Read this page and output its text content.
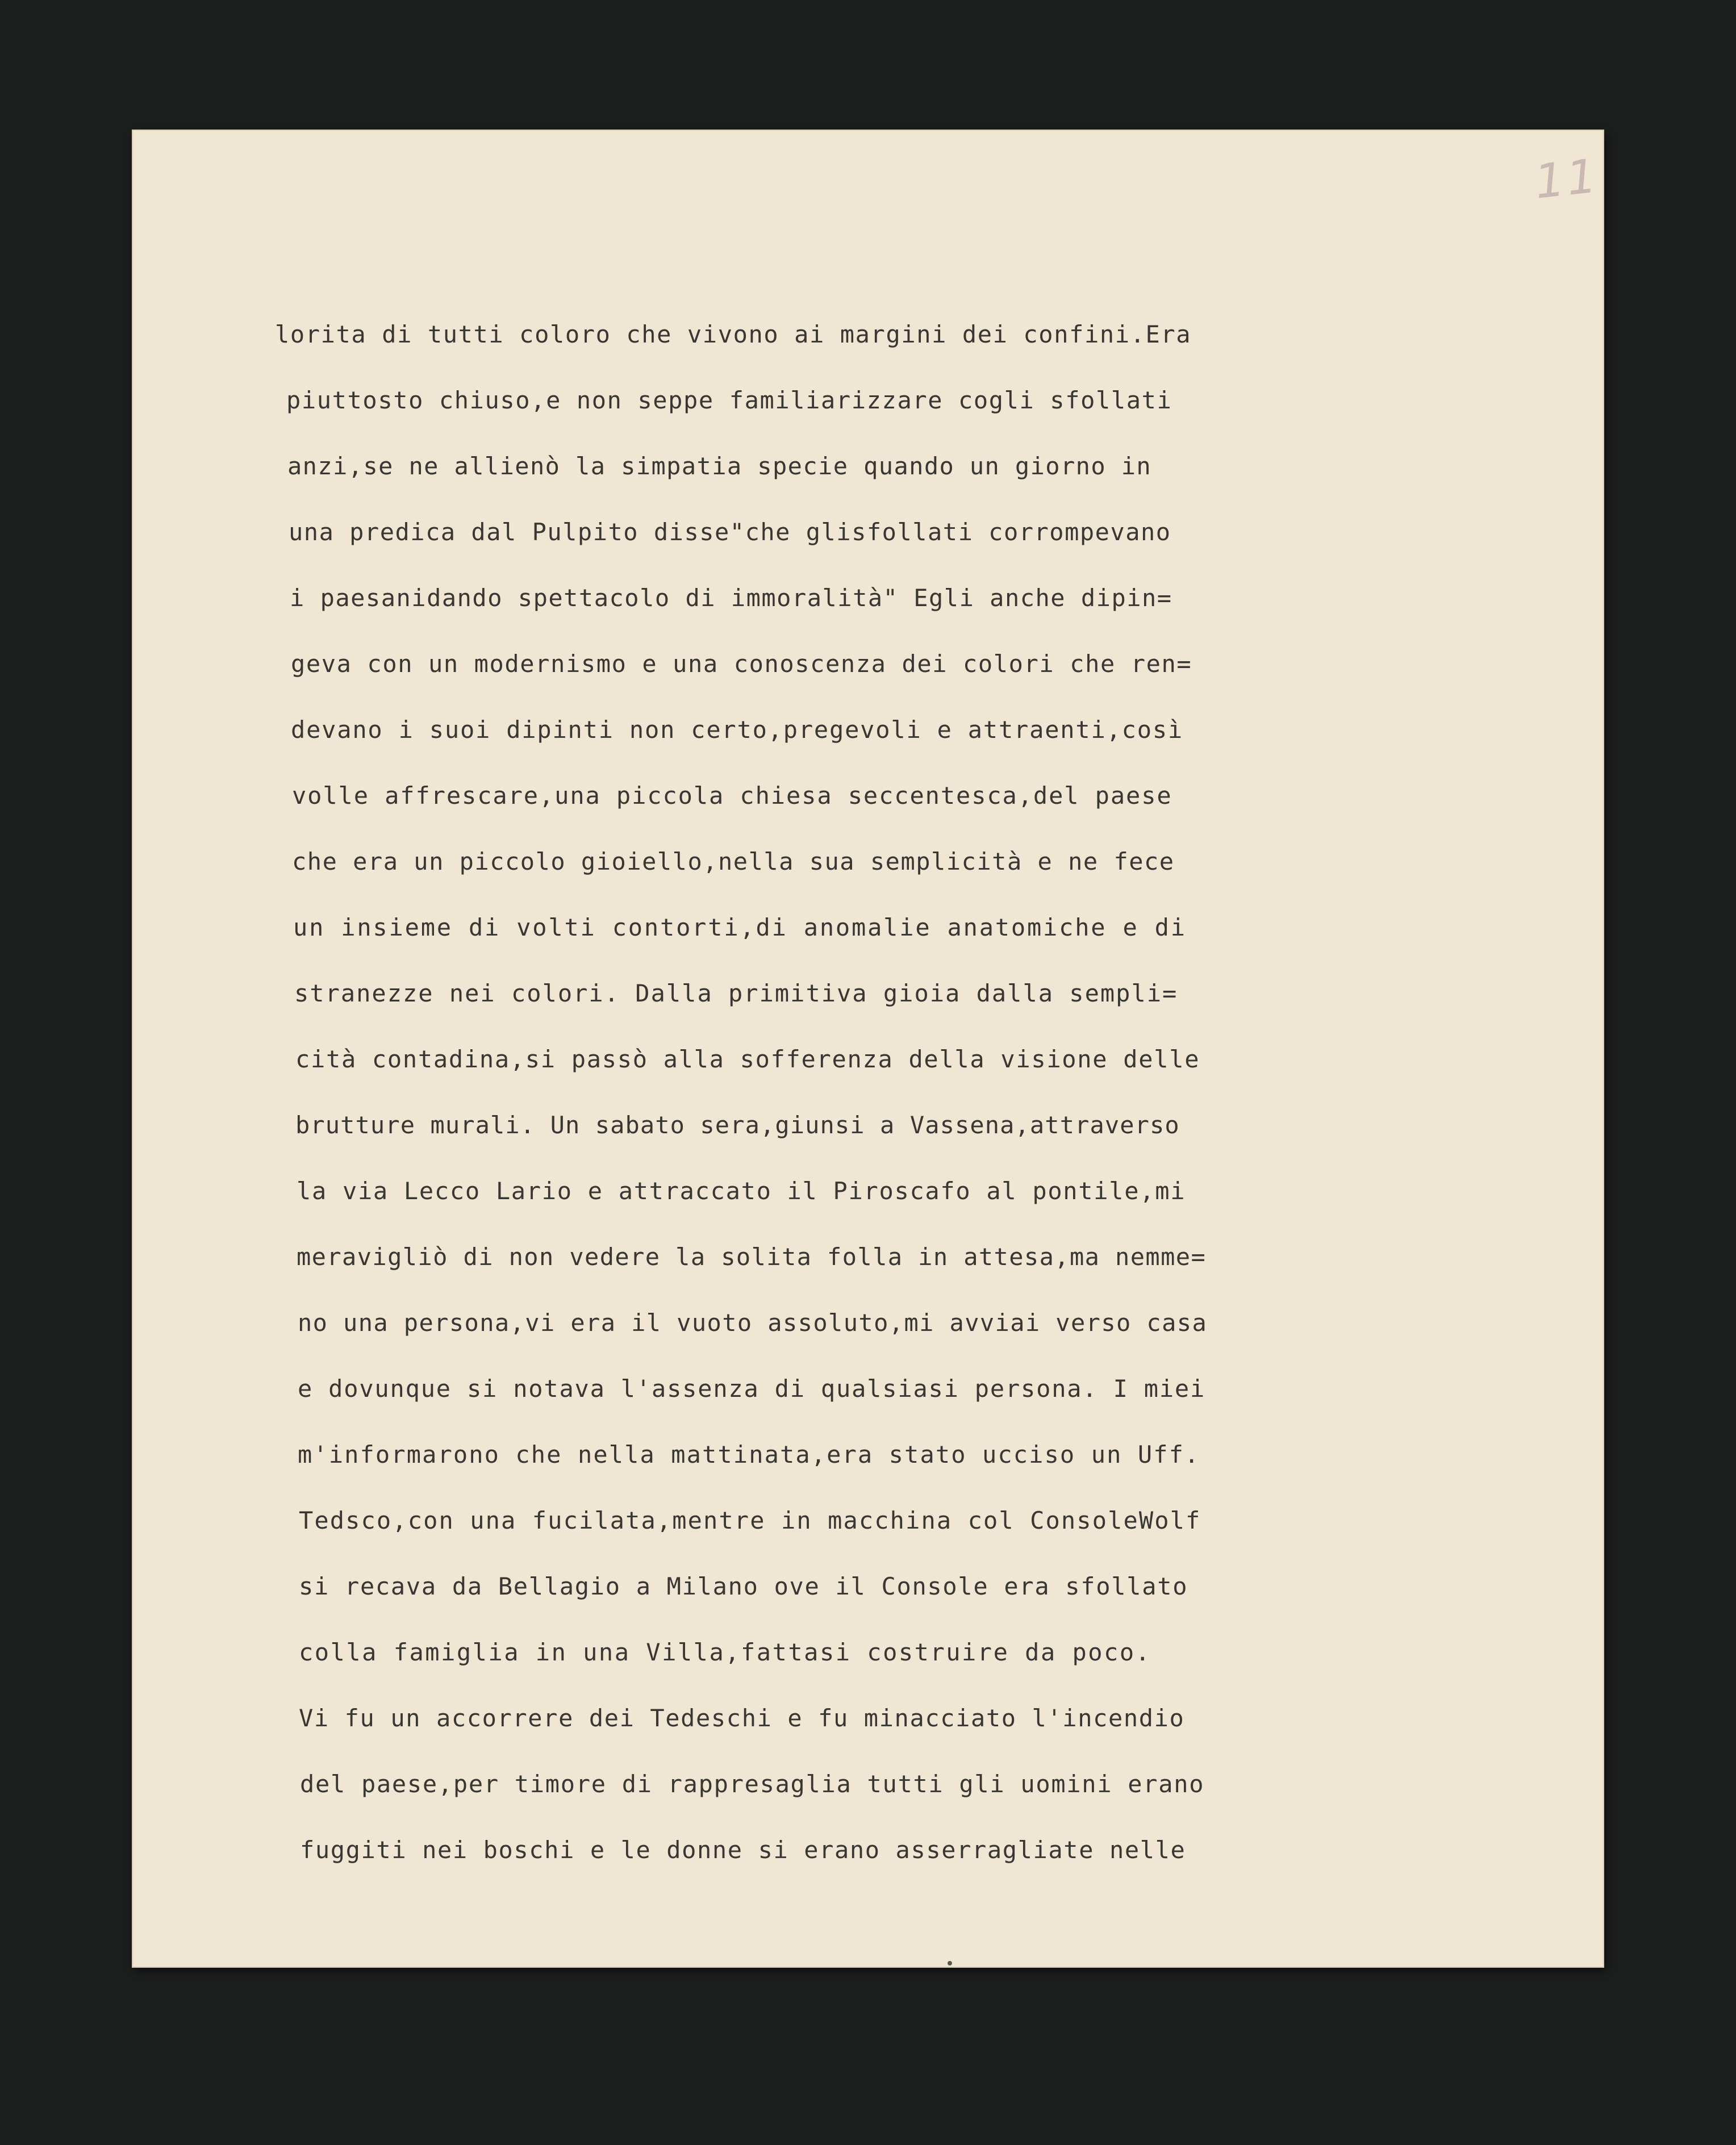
11
lorita di tutti coloro che vivono ai margini dei confini.Era
piuttosto chiuso,e non seppe familiarizzare cogli sfollati
anzi,se ne allienò la simpatia specie quando un giorno in
una predica dal Pulpito disse"che glisfollati corrompevano
i paesanidando spettacolo di immoralità" Egli anche dipin=
geva con un modernismo e una conoscenza dei colori che ren=
devano i suoi dipinti non certo,pregevoli e attraenti,così
volle affrescare,una piccola chiesa seccentesca,del paese
che era un piccolo gioiello,nella sua semplicità e ne fece
un insieme di volti contorti,di anomalie anatomiche e di
stranezze nei colori. Dalla primitiva gioia dalla sempli=
cità contadina,si passò alla sofferenza della visione delle
brutture murali. Un sabato sera,giunsi a Vassena,attraverso
la via Lecco Lario e attraccato il Piroscafo al pontile,mi
meravigliò di non vedere la solita folla in attesa,ma nemme=
no una persona,vi era il vuoto assoluto,mi avviai verso casa
e dovunque si notava l'assenza di qualsiasi persona. I miei
m'informarono che nella mattinata,era stato ucciso un Uff.
Tedsco,con una fucilata,mentre in macchina col ConsoleWolf
si recava da Bellagio a Milano ove il Console era sfollato
colla famiglia in una Villa,fattasi costruire da poco.
Vi fu un accorrere dei Tedeschi e fu minacciato l'incendio
del paese,per timore di rappresaglia tutti gli uomini erano
fuggiti nei boschi e le donne si erano asserragliate nelle
